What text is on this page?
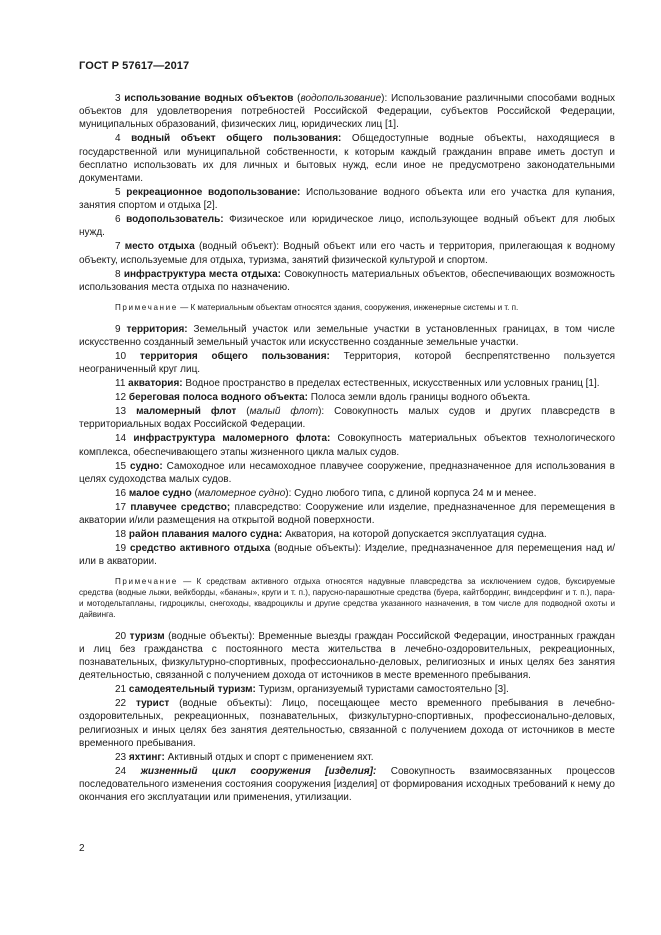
ГОСТ Р 57617—2017

3 использование водных объектов (водопользование): Использование различными способами водных объектов для удовлетворения потребностей Российской Федерации, субъектов Российской Федерации, муниципальных образований, физических лиц, юридических лиц [1].

4 водный объект общего пользования: Общедоступные водные объекты, находящиеся в государственной или муниципальной собственности, к которым каждый гражданин вправе иметь доступ и бесплатно использовать их для личных и бытовых нужд, если иное не предусмотрено законодательными документами.

5 рекреационное водопользование: Использование водного объекта или его участка для купания, занятия спортом и отдыха [2].

6 водопользователь: Физическое или юридическое лицо, использующее водный объект для любых нужд.

7 место отдыха (водный объект): Водный объект или его часть и территория, прилегающая к водному объекту, используемые для отдыха, туризма, занятий физической культурой и спортом.

8 инфраструктура места отдыха: Совокупность материальных объектов, обеспечивающих возможность использования места отдыха по назначению.

Примечание — К материальным объектам относятся здания, сооружения, инженерные системы и т. п.

9 территория: Земельный участок или земельные участки в установленных границах, в том числе искусственно созданный земельный участок или искусственно созданные земельные участки.

10 территория общего пользования: Территория, которой беспрепятственно пользуется неограниченный круг лиц.

11 акватория: Водное пространство в пределах естественных, искусственных или условных границ [1].

12 береговая полоса водного объекта: Полоса земли вдоль границы водного объекта.

13 маломерный флот (малый флот): Совокупность малых судов и других плавсредств в территориальных водах Российской Федерации.

14 инфраструктура маломерного флота: Совокупность материальных объектов технологического комплекса, обеспечивающего этапы жизненного цикла малых судов.

15 судно: Самоходное или несамоходное плавучее сооружение, предназначенное для использования в целях судоходства малых судов.

16 малое судно (маломерное судно): Судно любого типа, с длиной корпуса 24 м и менее.

17 плавучее средство; плавсредство: Сооружение или изделие, предназначенное для перемещения в акватории и/или размещения на открытой водной поверхности.

18 район плавания малого судна: Акватория, на которой допускается эксплуатация судна.

19 средство активного отдыха (водные объекты): Изделие, предназначенное для перемещения над и/или в акватории.

Примечание — К средствам активного отдыха относятся надувные плавсредства за исключением судов, буксируемые средства (водные лыжи, вейкборды, «бананы», круги и т. п.), парусно-парашютные средства (буера, кайтбординг, виндсерфинг и т. п.), пара- и мотодельтапланы, гидроциклы, снегоходы, квадроциклы и другие средства указанного назначения, в том числе для подводной охоты и дайвинга.

20 туризм (водные объекты): Временные выезды граждан Российской Федерации, иностранных граждан и лиц без гражданства с постоянного места жительства в лечебно-оздоровительных, рекреационных, познавательных, физкультурно-спортивных, профессионально-деловых, религиозных и иных целях без занятия деятельностью, связанной с получением дохода от источников в месте временного пребывания.

21 самодеятельный туризм: Туризм, организуемый туристами самостоятельно [3].

22 турист (водные объекты): Лицо, посещающее место временного пребывания в лечебно-оздоровительных, рекреационных, познавательных, физкультурно-спортивных, профессионально-деловых, религиозных и иных целях без занятия деятельностью, связанной с получением дохода от источников в месте временного пребывания.

23 яхтинг: Активный отдых и спорт с применением яхт.

24 жизненный цикл сооружения [изделия]: Совокупность взаимосвязанных процессов последовательного изменения состояния сооружения [изделия] от формирования исходных требований к нему до окончания его эксплуатации или применения, утилизации.

2
